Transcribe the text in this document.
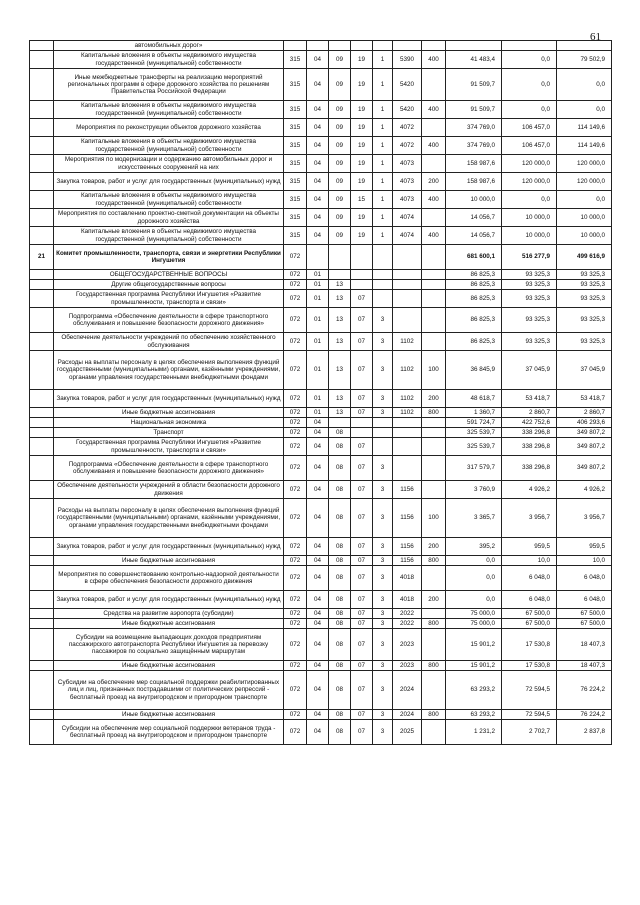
61
	автомобильных дорог»										
	Капитальные вложения в объекты недвижимого имущества государственной (муниципальной) собственности	315	04	09	19	1	5390	400	41 483,4	0,0	79 502,9
	Иные межбюджетные трансферты на реализацию мероприятий региональных программ в сфере дорожного хозяйства по решениям Правительства Российской Федерации	315	04	09	19	1	5420		91 509,7	0,0	0,0
	Капитальные вложения в объекты недвижимого имущества государственной (муниципальной) собственности	315	04	09	19	1	5420	400	91 509,7	0,0	0,0
	Мероприятия по реконструкции объектов дорожного хозяйства	315	04	09	19	1	4072		374 769,0	106 457,0	114 149,6
	Капитальные вложения в объекты недвижимого имущества государственной (муниципальной) собственности	315	04	09	19	1	4072	400	374 769,0	106 457,0	114 149,6
	Мероприятия по модернизации и содержанию автомобильных дорог и искусственных сооружений на них	315	04	09	19	1	4073		158 987,6	120 000,0	120 000,0
	Закупка товаров, работ и услуг для государственных (муниципальных) нужд	315	04	09	19	1	4073	200	158 987,6	120 000,0	120 000,0
	Капитальные вложения в объекты недвижимого имущества государственной (муниципальной) собственности	315	04	09	15	1	4073	400	10 000,0	0,0	0,0
	Мероприятия по составлению проектно-сметной документации на объекты дорожного хозяйства	315	04	09	19	1	4074		14 056,7	10 000,0	10 000,0
	Капитальные вложения в объекты недвижимого имущества государственной (муниципальной) собственности	315	04	09	19	1	4074	400	14 056,7	10 000,0	10 000,0
21	Комитет промышленности, транспорта, связи и энергетики Республики Ингушетия	072							681 600,1	516 277,9	499 616,9
	ОБЩЕГОСУДАРСТВЕННЫЕ ВОПРОСЫ	072	01						86 825,3	93 325,3	93 325,3
	Другие общегосударственные вопросы	072	01	13					86 825,3	93 325,3	93 325,3
	Государственная программа Республики Ингушетия «Развитие промышленности, транспорта и связи»	072	01	13	07				86 825,3	93 325,3	93 325,3
	Подпрограмма «Обеспечение деятельности в сфере транспортного обслуживания и повышение безопасности дорожного движения»	072	01	13	07	3			86 825,3	93 325,3	93 325,3
	Обеспечение деятельности учреждений по обеспечению хозяйственного обслуживания	072	01	13	07	3	1102		86 825,3	93 325,3	93 325,3
	Расходы на выплаты персоналу в целях обеспечения выполнения функций государственными (муниципальными) органами, казёнными учреждениями, органами управления государственными внебюджетными фондами	072	01	13	07	3	1102	100	36 845,9	37 045,9	37 045,9
	Закупка товаров, работ и услуг для государственных (муниципальных) нужд	072	01	13	07	3	1102	200	48 618,7	53 418,7	53 418,7
	Иные бюджетные ассигнования	072	01	13	07	3	1102	800	1 360,7	2 860,7	2 860,7
	Национальная экономика	072	04						591 724,7	422 752,6	406 293,6
	Транспорт	072	04	08					325 539,7	338 296,8	349 807,2
	Государственная программа Республики Ингушетия «Развитие промышленности, транспорта и связи»	072	04	08	07				325 539,7	338 296,8	349 807,2
	Подпрограмма «Обеспечение деятельности в сфере транспортного обслуживания и повышение безопасности дорожного движения»	072	04	08	07	3			317 579,7	338 296,8	349 807,2
	Обеспечение деятельности учреждений в области безопасности дорожного движения	072	04	08	07	3	1156		3 760,9	4 926,2	4 926,2
	Расходы на выплаты персоналу в целях обеспечения выполнения функций государственными (муниципальными) органами, казёнными учреждениями, органами управления государственными внебюджетными фондами	072	04	08	07	3	1156	100	3 365,7	3 956,7	3 956,7
	Закупка товаров, работ и услуг для государственных (муниципальных) нужд	072	04	08	07	3	1156	200	395,2	959,5	959,5
	Иные бюджетные ассигнования	072	04	08	07	3	1156	800	0,0	10,0	10,0
	Мероприятия по совершенствованию контрольно-надзорной деятельности в сфере обеспечения безопасности дорожного движения	072	04	08	07	3	4018		0,0	6 048,0	6 048,0
	Закупка товаров, работ и услуг для государственных (муниципальных) нужд	072	04	08	07	3	4018	200	0,0	6 048,0	6 048,0
	Средства на развитие аэропорта (субсидии)	072	04	08	07	3	2022		75 000,0	67 500,0	67 500,0
	Иные бюджетные ассигнования	072	04	08	07	3	2022	800	75 000,0	67 500,0	67 500,0
	Субсидии на возмещение выпадающих доходов предприятиям пассажирского автотранспорта Республики Ингушетия за перевозку пассажиров по социально защищённым маршрутам	072	04	08	07	3	2023		15 901,2	17 530,8	18 407,3
	Иные бюджетные ассигнования	072	04	08	07	3	2023	800	15 901,2	17 530,8	18 407,3
	Субсидии на обеспечение мер социальной поддержки реабилитированных лиц и лиц, признанных пострадавшими от политических репрессий - бесплатный проезд на внутригородском и пригородном транспорте	072	04	08	07	3	2024		63 293,2	72 594,5	76 224,2
	Иные бюджетные ассигнования	072	04	08	07	3	2024	800	63 293,2	72 594,5	76 224,2
	Субсидии на обеспечение мер социальной поддержки ветеранов труда - бесплатный проезд на внутригородском и пригородном транспорте	072	04	08	07	3	2025		1 231,2	2 702,7	2 837,8
